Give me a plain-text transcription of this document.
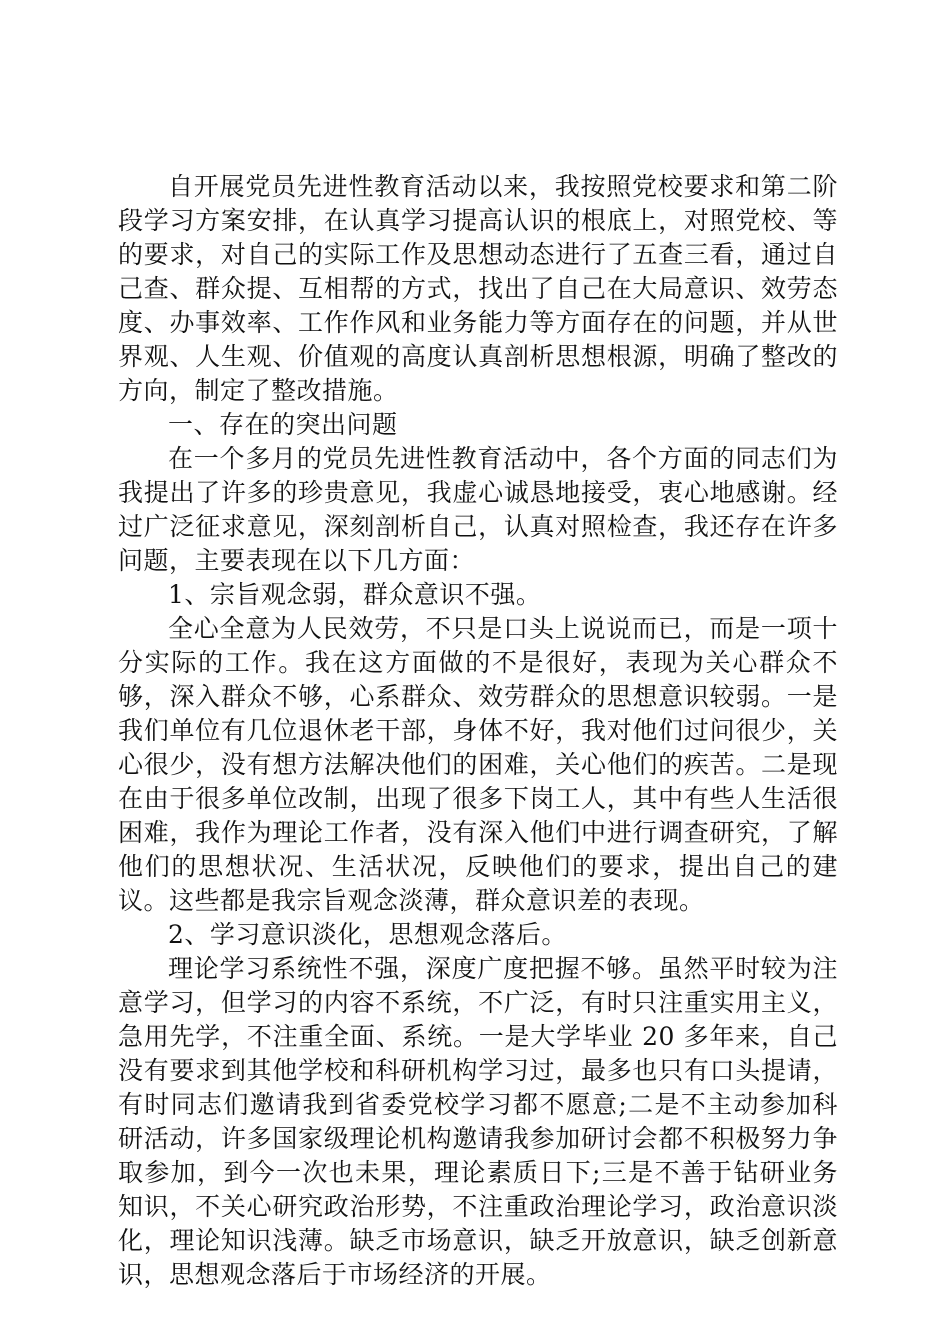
自开展党员先进性教育活动以来，我按照党校要求和第二阶段学习方案安排，在认真学习提高认识的根底上，对照党校、等的要求，对自己的实际工作及思想动态进行了五查三看，通过自己查、群众提、互相帮的方式，找出了自己在大局意识、效劳态度、办事效率、工作作风和业务能力等方面存在的问题，并从世界观、人生观、价值观的高度认真剖析思想根源，明确了整改的方向，制定了整改措施。

一、存在的突出问题

在一个多月的党员先进性教育活动中，各个方面的同志们为我提出了许多的珍贵意见，我虚心诚恳地接受，衷心地感谢。经过广泛征求意见，深刻剖析自己，认真对照检查，我还存在许多问题，主要表现在以下几方面：

1、宗旨观念弱，群众意识不强。

全心全意为人民效劳，不只是口头上说说而已，而是一项十分实际的工作。我在这方面做的不是很好，表现为关心群众不够，深入群众不够，心系群众、效劳群众的思想意识较弱。一是我们单位有几位退休老干部，身体不好，我对他们过问很少，关心很少，没有想方法解决他们的困难，关心他们的疾苦。二是现在由于很多单位改制，出现了很多下岗工人，其中有些人生活很困难，我作为理论工作者，没有深入他们中进行调查研究，了解他们的思想状况、生活状况，反映他们的要求，提出自己的建议。这些都是我宗旨观念淡薄，群众意识差的表现。

2、学习意识淡化，思想观念落后。

理论学习系统性不强，深度广度把握不够。虽然平时较为注意学习，但学习的内容不系统，不广泛，有时只注重实用主义，急用先学，不注重全面、系统。一是大学毕业 20 多年来，自己没有要求到其他学校和科研机构学习过，最多也只有口头提请，有时同志们邀请我到省委党校学习都不愿意;二是不主动参加科研活动，许多国家级理论机构邀请我参加研讨会都不积极努力争取参加，到今一次也未果，理论素质日下;三是不善于钻研业务知识，不关心研究政治形势，不注重政治理论学习，政治意识淡化，理论知识浅薄。缺乏市场意识，缺乏开放意识，缺乏创新意识，思想观念落后于市场经济的开展。
